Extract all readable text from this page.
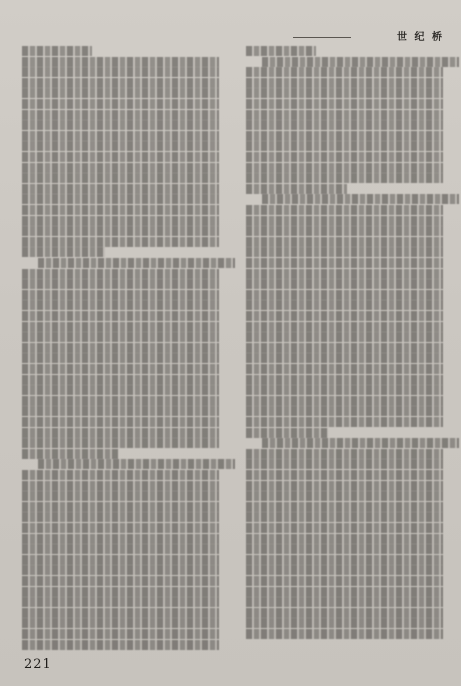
世 纪 桥
221
